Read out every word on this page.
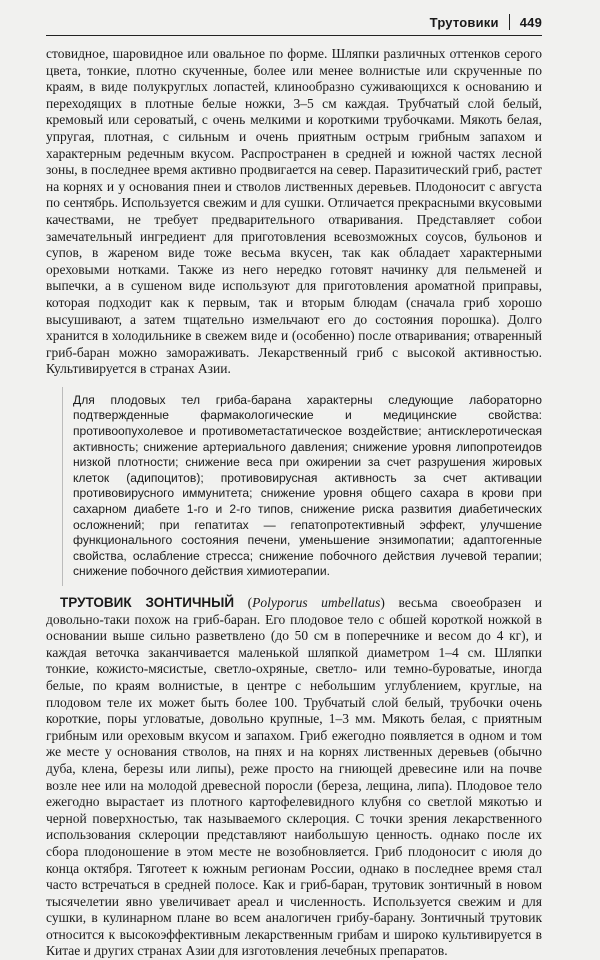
Трутовики 449

стовидное, шаровидное или овальное по форме. Шляпки различных оттенков серого цвета, тонкие, плотно скученные, более или менее волнистые или скрученные по краям, в виде полукруглых лопастей, клинообразно суживающихся к основанию и переходящих в плотные белые ножки, 3–5 см каждая. Трубчатый слой белый, кремовый или сероватый, с очень мелкими и короткими трубочками. Мякоть белая, упругая, плотная, с сильным и очень приятным острым грибным запахом и характерным редечным вкусом. Распространен в средней и южной частях лесной зоны, в последнее время активно продвигается на север. Паразитический гриб, растет на корнях и у основания пнеи и стволов лиственных деревьев. Плодоносит с августа по сентябрь. Используется свежим и для сушки. Отличается прекрасными вкусовыми качествами, не требует предварительного отваривания. Представляет собои замечательный ингредиент для приготовления всевозможных соусов, бульонов и супов, в жареном виде тоже весьма вкусен, так как обладает характерными ореховыми нотками. Также из него нередко готовят начинку для пельменей и выпечки, а в сушеном виде используют для приготовления ароматной приправы, которая подходит как к первым, так и вторым блюдам (сначала гриб хорошо высушивают, а затем тщательно измельчают его до состояния порошка). Долго хранится в холодильнике в свежем виде и (особенно) после отваривания; отваренный гриб-баран можно замораживать. Лекарственный гриб с высокой активностью. Культивируется в странах Азии.

Для плодовых тел гриба-барана характерны следующие лабораторно подтвержденные фармакологические и медицинские свойства: противоопухолевое и противометастатическое воздействие; антисклеротическая активность; снижение артериального давления; снижение уровня липопротеидов низкой плотности; снижение веса при ожирении за счет разрушения жировых клеток (адипоцитов); противовирусная активность за счет активации противовирусного иммунитета; снижение уровня общего сахара в крови при сахарном диабете 1-го и 2-го типов, снижение риска развития диабетических осложнений; при гепатитах — гепатопротективный эффект, улучшение функционального состояния печени, уменьшение энзимопатии; адаптогенные свойства, ослабление стресса; снижение побочного действия лучевой терапии; снижение побочного действия химиотерапии.

ТРУТОВИК ЗОНТИЧНЫЙ (Polyporus umbellatus) весьма своеобразен и довольно-таки похож на гриб-баран. Его плодовое тело с обшей короткой ножкой в основании выше сильно разветвлено (до 50 см в поперечнике и весом до 4 кг), и каждая веточка заканчивается маленькой шляпкой диаметром 1–4 см. Шляпки тонкие, кожисто-мясистые, светло-охряные, светло- или темно-буроватые, иногда белые, по краям волнистые, в центре с небольшим углублением, круглые, на плодовом теле их может быть более 100. Трубчатый слой белый, трубочки очень короткие, поры угловатые, довольно крупные, 1–3 мм. Мякоть белая, с приятным грибным или ореховым вкусом и запахом. Гриб ежегодно появляется в одном и том же месте у основания стволов, на пнях и на корнях лиственных деревьев (обычно дуба, клена, березы или липы), реже просто на гниющей древесине или на почве возле нее или на молодой древесной поросли (береза, лещина, липа). Плодовое тело ежегодно вырастает из плотного картофелевидного клубня со светлой мякотью и черной поверхностью, так называемого склероция. С точки зрения лекарственного использования склероции представляют наибольшую ценность. однако после их сбора плодоношение в этом месте не возобновляется. Гриб плодоносит с июля до конца октября. Тяготеет к южным регионам России, однако в последнее время стал часто встречаться в средней полосе. Как и гриб-баран, трутовик зонтичный в новом тысячелетии явно увеличивает ареал и численность. Используется свежим и для сушки, в кулинарном плане во всем аналогичен грибу-барану. Зонтичный трутовик относится к высокоэффективным лекарственным грибам и широко культивируется в Китае и других странах Азии для изготовления лечебных препаратов.
